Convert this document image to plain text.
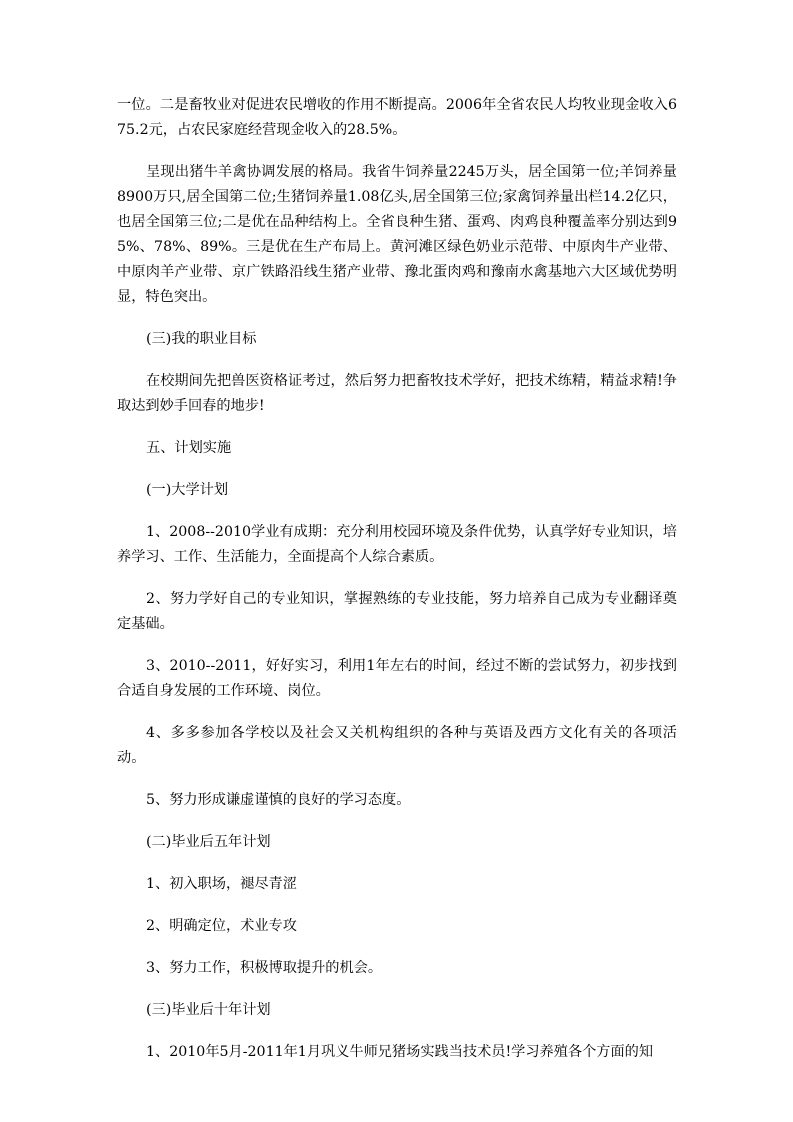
一位。二是畜牧业对促进农民增收的作用不断提高。2006年全省农民人均牧业现金收入675.2元，占农民家庭经营现金收入的28.5%。

呈现出猪牛羊禽协调发展的格局。我省牛饲养量2245万头，居全国第一位;羊饲养量8900万只,居全国第二位;生猪饲养量1.08亿头,居全国第三位;家禽饲养量出栏14.2亿只，也居全国第三位;二是优在品种结构上。全省良种生猪、蛋鸡、肉鸡良种覆盖率分别达到95%、78%、89%。三是优在生产布局上。黄河滩区绿色奶业示范带、中原肉牛产业带、中原肉羊产业带、京广铁路沿线生猪产业带、豫北蛋肉鸡和豫南水禽基地六大区域优势明显，特色突出。

(三)我的职业目标

在校期间先把兽医资格证考过，然后努力把畜牧技术学好，把技术练精，精益求精!争取达到妙手回春的地步!

五、计划实施

(一)大学计划

1、2008--2010学业有成期：充分利用校园环境及条件优势，认真学好专业知识，培养学习、工作、生活能力，全面提高个人综合素质。

2、努力学好自己的专业知识，掌握熟练的专业技能，努力培养自己成为专业翻译奠定基础。

3、2010--2011，好好实习，利用1年左右的时间，经过不断的尝试努力，初步找到合适自身发展的工作环境、岗位。

4、多多参加各学校以及社会又关机构组织的各种与英语及西方文化有关的各项活动。

5、努力形成谦虚谨慎的良好的学习态度。

(二)毕业后五年计划

1、初入职场，褪尽青涩

2、明确定位，术业专攻

3、努力工作，积极博取提升的机会。

(三)毕业后十年计划

1、2010年5月-2011年1月巩义牛师兄猪场实践当技术员!学习养殖各个方面的知
